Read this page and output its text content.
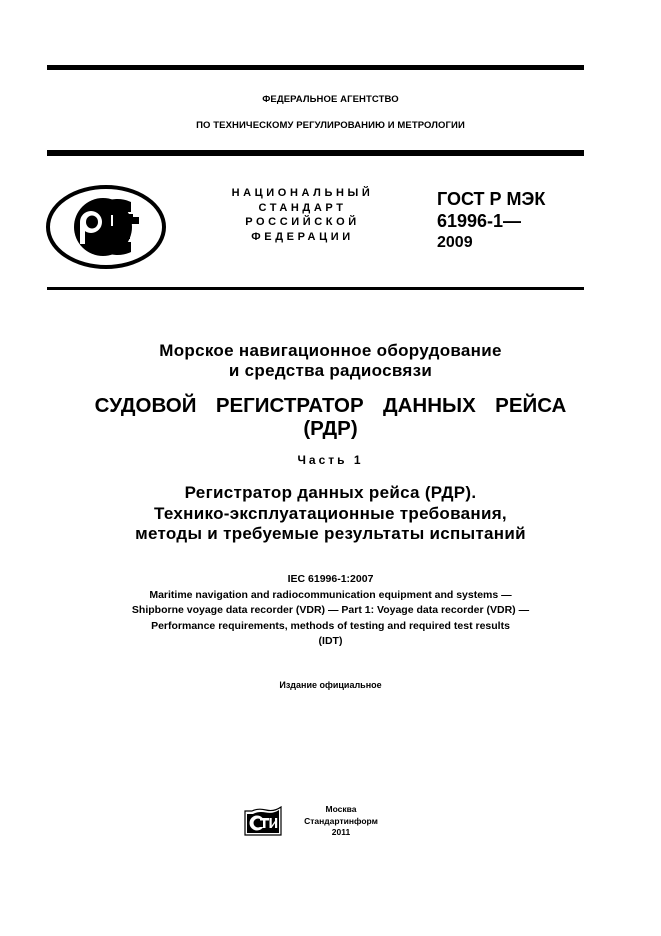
ФЕДЕРАЛЬНОЕ АГЕНТСТВО
ПО ТЕХНИЧЕСКОМУ РЕГУЛИРОВАНИЮ И МЕТРОЛОГИИ
НАЦИОНАЛЬНЫЙ
СТАНДАРТ
РОССИЙСКОЙ
ФЕДЕРАЦИИ
ГОСТ Р МЭК
61996-1—
2009
Морское навигационное оборудование
и средства радиосвязи
СУДОВОЙ  РЕГИСТРАТОР  ДАННЫХ  РЕЙСА
(РДР)
Часть 1
Регистратор данных рейса (РДР).
Технико-эксплуатационные требования,
методы и требуемые результаты испытаний
IEC 61996-1:2007
Maritime navigation and radiocommunication equipment and systems —
Shipborne voyage data recorder (VDR) — Part 1: Voyage data recorder (VDR) —
Performance requirements, methods of testing and required test results
(IDT)
Издание официальное
Москва
Стандартинформ
2011
